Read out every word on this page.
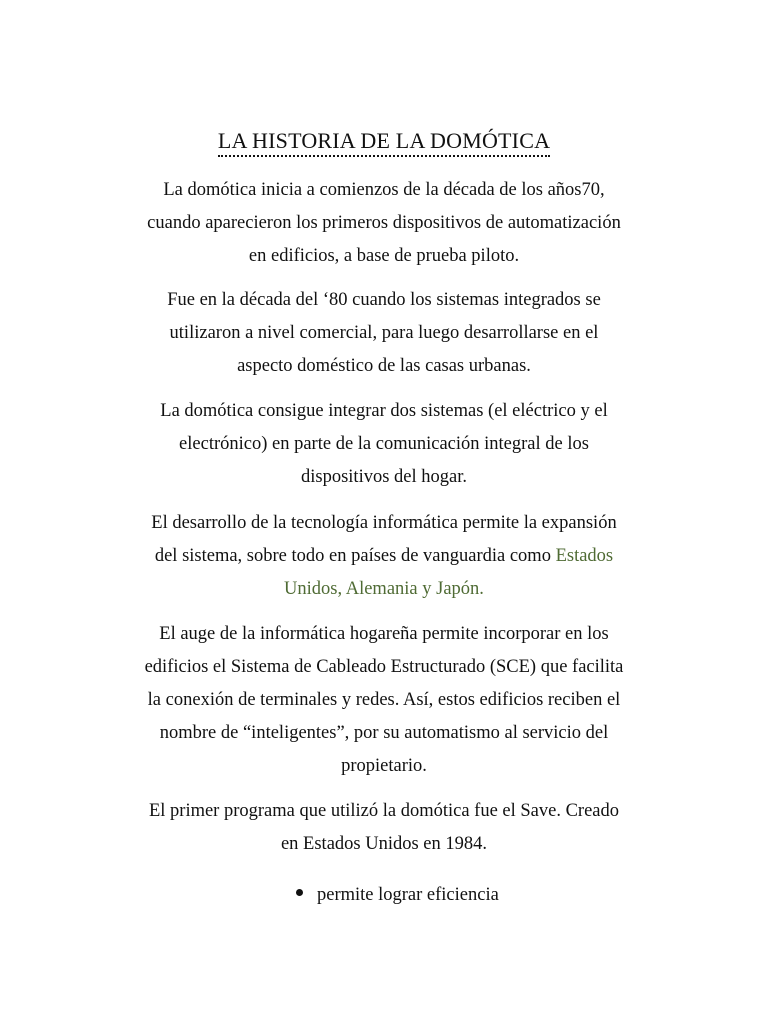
LA HISTORIA DE LA DOMÓTICA

La domótica inicia a comienzos de la década de los años70,
cuando aparecieron los primeros dispositivos de automatización
en edificios, a base de prueba piloto.

Fue en la década del ‘80 cuando los sistemas integrados se
utilizaron a nivel comercial, para luego desarrollarse en el
aspecto doméstico de las casas urbanas.

La domótica consigue integrar dos sistemas (el eléctrico y el
electrónico) en parte de la comunicación integral de los
dispositivos del hogar.

El desarrollo de la tecnología informática permite la expansión
del sistema, sobre todo en países de vanguardia como Estados
Unidos, Alemania y Japón.

El auge de la informática hogareña permite incorporar en los
edificios el Sistema de Cableado Estructurado (SCE) que facilita
la conexión de terminales y redes. Así, estos edificios reciben el
nombre de “inteligentes”, por su automatismo al servicio del
propietario.

El primer programa que utilizó la domótica fue el Save. Creado
en Estados Unidos en 1984.

permite lograr eficiencia
